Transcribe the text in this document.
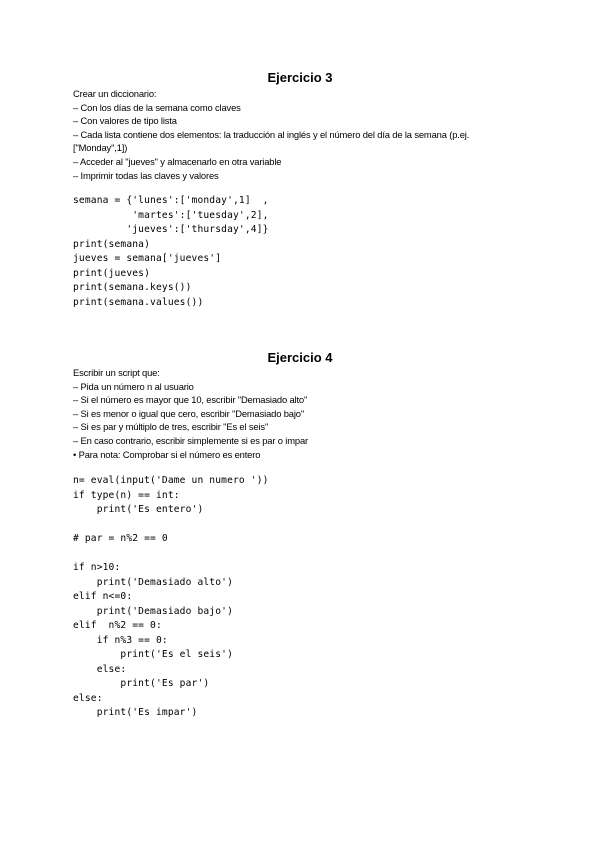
Ejercicio 3
Crear un diccionario:
– Con los días de la semana como claves
– Con valores de tipo lista
– Cada lista contiene dos elementos: la traducción al inglés y el número del día de la semana (p.ej.
["Monday",1])
– Acceder al "jueves" y almacenarlo en otra variable
– Imprimir todas las claves y valores
semana = {'lunes':['monday',1]  ,
'martes':['tuesday',2],
'jueves':['thursday',4]}
print(semana)
jueves = semana['jueves']
print(jueves)
print(semana.keys())
print(semana.values())
Ejercicio 4
Escribir un script que:
– Pida un número n al usuario
– Si el número es mayor que 10, escribir "Demasiado alto"
– Si es menor o igual que cero, escribir "Demasiado bajo"
– Si es par y múltiplo de tres, escribir "Es el seis"
– En caso contrario, escribir simplemente si es par o impar
• Para nota: Comprobar si el número es entero
n= eval(input('Dame un numero '))
if type(n) == int:
print('Es entero')
# par = n%2 == 0
if n>10:
print('Demasiado alto')
elif n<=0:
print('Demasiado bajo')
elif  n%2 == 0:
if n%3 == 0:
print('Es el seis')
else:
print('Es par')
else:
print('Es impar')
